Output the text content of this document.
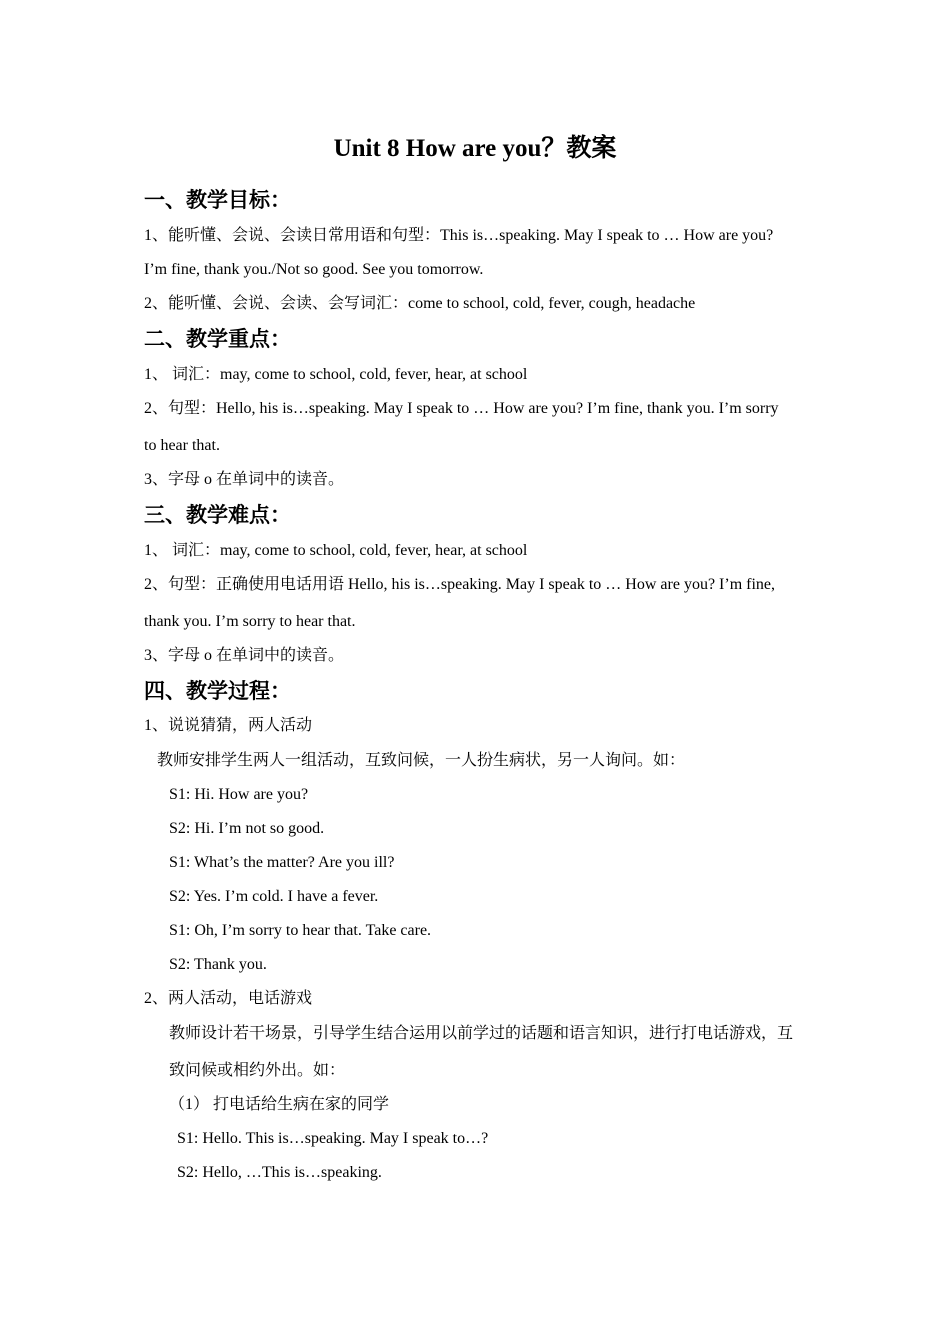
Unit 8 How are you？教案
一、教学目标：

1、能听懂、会说、会读日常用语和句型：This is…speaking. May I speak to … How are you?

I’m fine, thank you./Not so good. See you tomorrow.

2、能听懂、会说、会读、会写词汇：come to school, cold, fever, cough, headache

二、教学重点：

1、 词汇：may, come to school, cold, fever, hear, at school

2、句型：Hello, his is…speaking. May I speak to … How are you? I’m fine, thank you. I’m sorry

to hear that.

3、字母 o 在单词中的读音。

三、教学难点：

1、 词汇：may, come to school, cold, fever, hear, at school

2、句型：正确使用电话用语 Hello, his is…speaking. May I speak to … How are you? I’m fine,

thank you. I’m sorry to hear that.

3、字母 o 在单词中的读音。

四、教学过程：

1、说说猜猜，两人活动

教师安排学生两人一组活动，互致问候，一人扮生病状，另一人询问。如：

S1: Hi. How are you?

S2: Hi. I’m not so good.

S1: What’s the matter? Are you ill?

S2: Yes. I’m cold. I have a fever.

S1: Oh, I’m sorry to hear that. Take care.

S2: Thank you.

2、两人活动，电话游戏

教师设计若干场景，引导学生结合运用以前学过的话题和语言知识，进行打电话游戏，互

致问候或相约外出。如：

（1） 打电话给生病在家的同学

S1: Hello. This is…speaking. May I speak to…?

S2: Hello, …This is…speaking.
